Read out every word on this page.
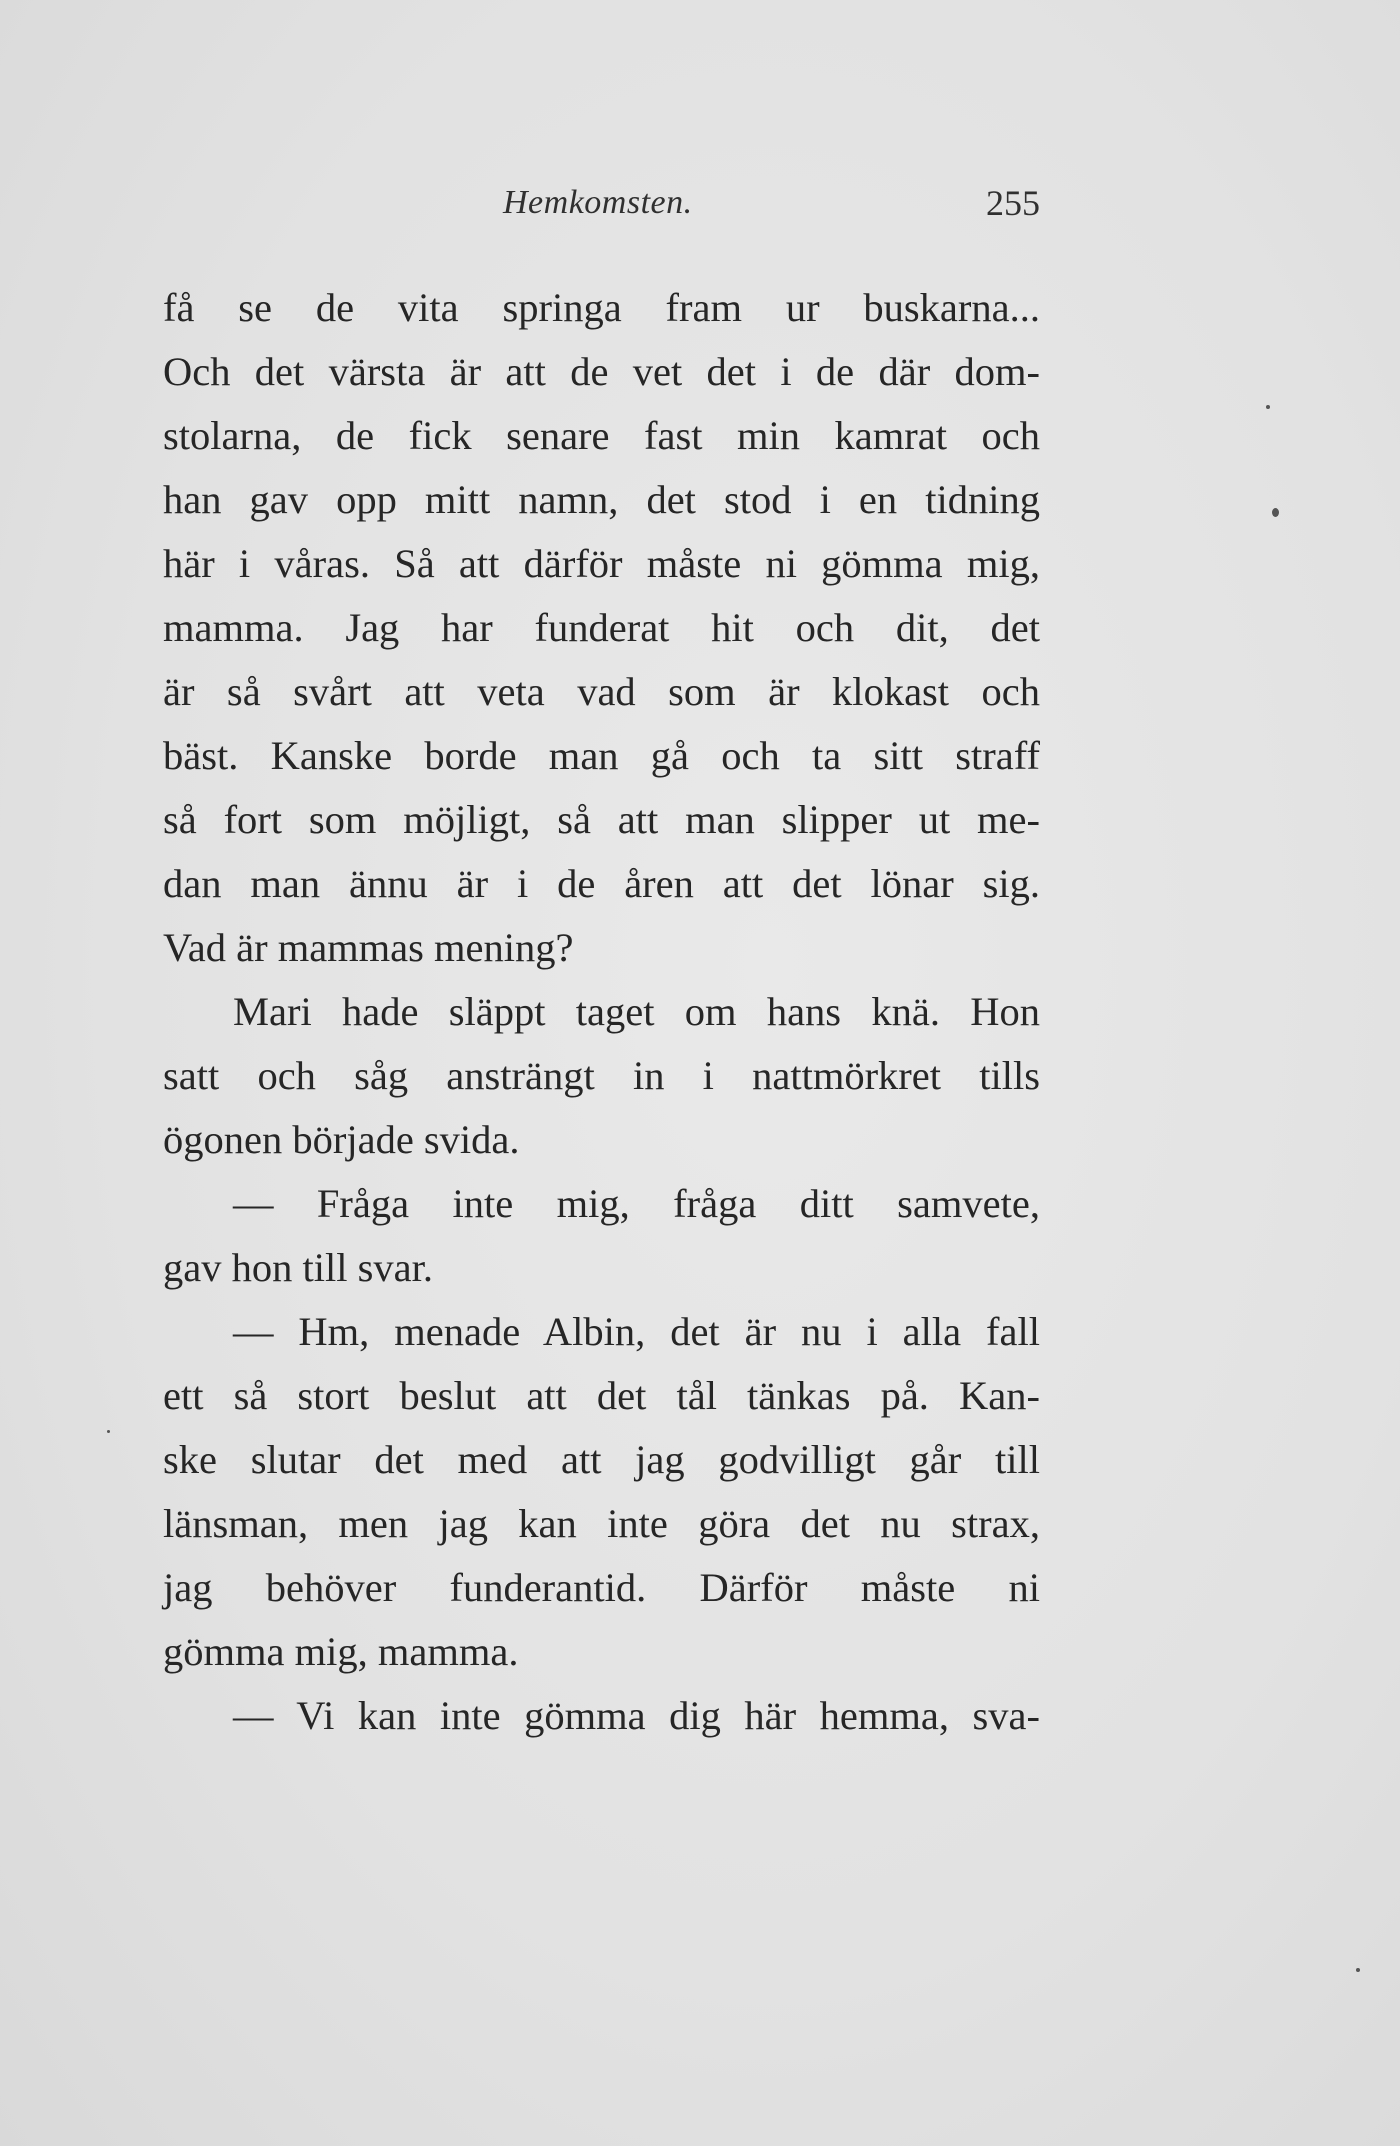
Hemkomsten.	255
få se de vita springa fram ur buskarna...
Och det värsta är att de vet det i de där dom-
stolarna, de fick senare fast min kamrat och
han gav opp mitt namn, det stod i en tidning
här i våras. Så att därför måste ni gömma mig,
mamma. Jag har funderat hit och dit, det
är så svårt att veta vad som är klokast och
bäst. Kanske borde man gå och ta sitt straff
så fort som möjligt, så att man slipper ut me-
dan man ännu är i de åren att det lönar sig.
Vad är mammas mening?
Mari hade släppt taget om hans knä. Hon
satt och såg ansträngt in i nattmörkret tills
ögonen började svida.
— Fråga inte mig, fråga ditt samvete,
gav hon till svar.
— Hm, menade Albin, det är nu i alla fall
ett så stort beslut att det tål tänkas på. Kan-
ske slutar det med att jag godvilligt går till
länsman, men jag kan inte göra det nu strax,
jag behöver funderantid. Därför måste ni
gömma mig, mamma.
— Vi kan inte gömma dig här hemma, sva-
